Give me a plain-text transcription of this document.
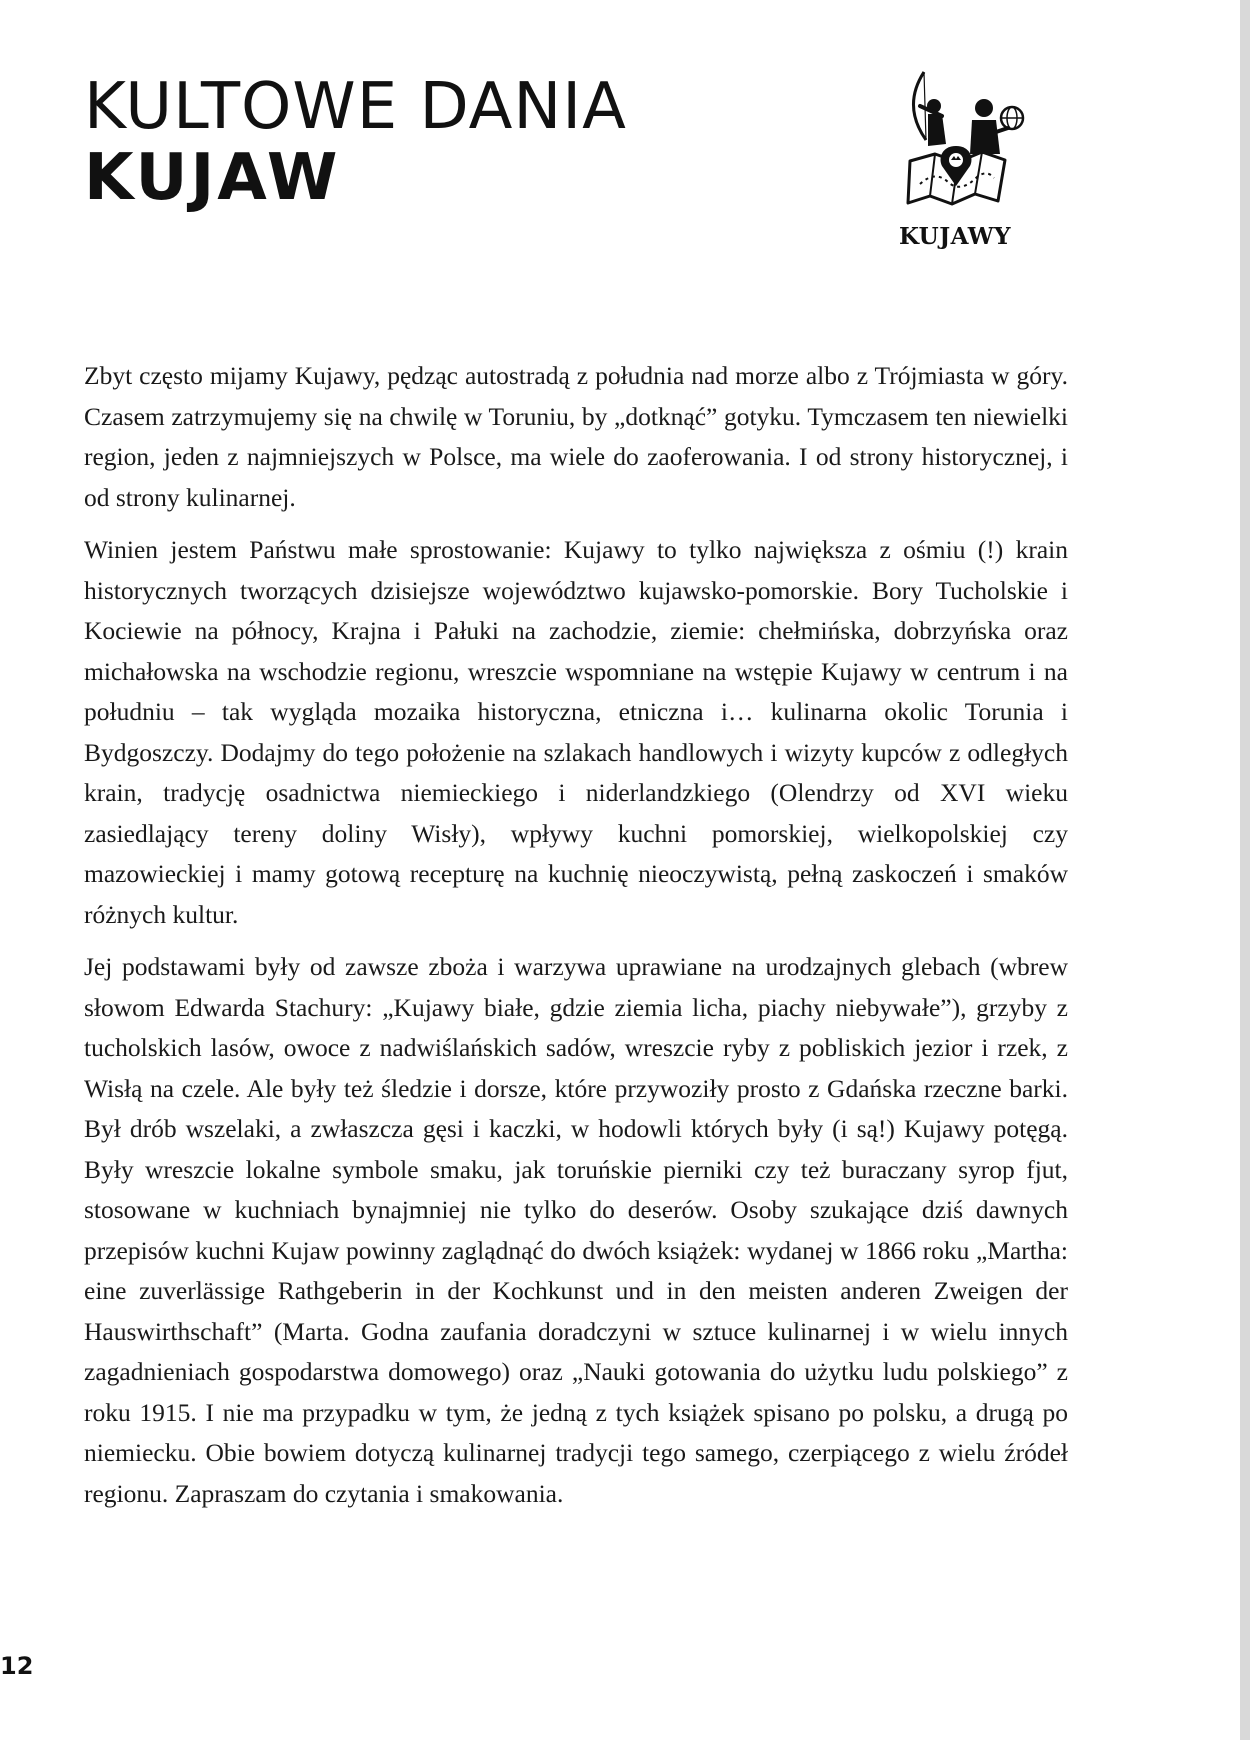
KULTOWE DANIA
KUJAW
KUJAWY

Zbyt często mijamy Kujawy, pędząc autostradą z południa nad morze albo z Trójmiasta w góry. Czasem zatrzymujemy się na chwilę w Toruniu, by „dotknąć” gotyku. Tymczasem ten niewielki region, jeden z najmniejszych w Polsce, ma wiele do zaoferowania. I od strony historycznej, i od strony kulinarnej.

Winien jestem Państwu małe sprostowanie: Kujawy to tylko największa z ośmiu (!) krain historycznych tworzących dzisiejsze województwo kujawsko-pomorskie. Bory Tucholskie i Kociewie na północy, Krajna i Pałuki na zachodzie, ziemie: chełmińska, dobrzyńska oraz michałowska na wschodzie regionu, wreszcie wspomniane na wstępie Kujawy w centrum i na południu – tak wygląda mozaika historyczna, etniczna i… kulinarna okolic Torunia i Bydgoszczy. Dodajmy do tego położenie na szlakach handlowych i wizyty kupców z odległych krain, tradycję osadnictwa niemieckiego i niderlandzkiego (Olendrzy od XVI wieku zasiedlający tereny doliny Wisły), wpływy kuchni pomorskiej, wielkopolskiej czy mazowieckiej i mamy gotową recepturę na kuchnię nieoczywistą, pełną zaskoczeń i smaków różnych kultur.

Jej podstawami były od zawsze zboża i warzywa uprawiane na urodzajnych glebach (wbrew słowom Edwarda Stachury: „Kujawy białe, gdzie ziemia licha, piachy niebywałe”), grzyby z tucholskich lasów, owoce z nadwiślańskich sadów, wreszcie ryby z pobliskich jezior i rzek, z Wisłą na czele. Ale były też śledzie i dorsze, które przywoziły prosto z Gdańska rzeczne barki. Był drób wszelaki, a zwłaszcza gęsi i kaczki, w hodowli których były (i są!) Kujawy potęgą. Były wreszcie lokalne symbole smaku, jak toruńskie pierniki czy też buraczany syrop fjut, stosowane w kuchniach bynajmniej nie tylko do deserów. Osoby szukające dziś dawnych przepisów kuchni Kujaw powinny zaglądnąć do dwóch książek: wydanej w 1866 roku „Martha: eine zuverlässige Rathgeberin in der Kochkunst und in den meisten anderen Zweigen der Hauswirthschaft” (Marta. Godna zaufania doradczyni w sztuce kulinarnej i w wielu innych zagadnieniach gospodarstwa domowego) oraz „Nauki gotowania do użytku ludu polskiego” z roku 1915. I nie ma przypadku w tym, że jedną z tych książek spisano po polsku, a drugą po niemiecku. Obie bowiem dotyczą kulinarnej tradycji tego samego, czerpiącego z wielu źródeł regionu. Zapraszam do czytania i smakowania.

12
